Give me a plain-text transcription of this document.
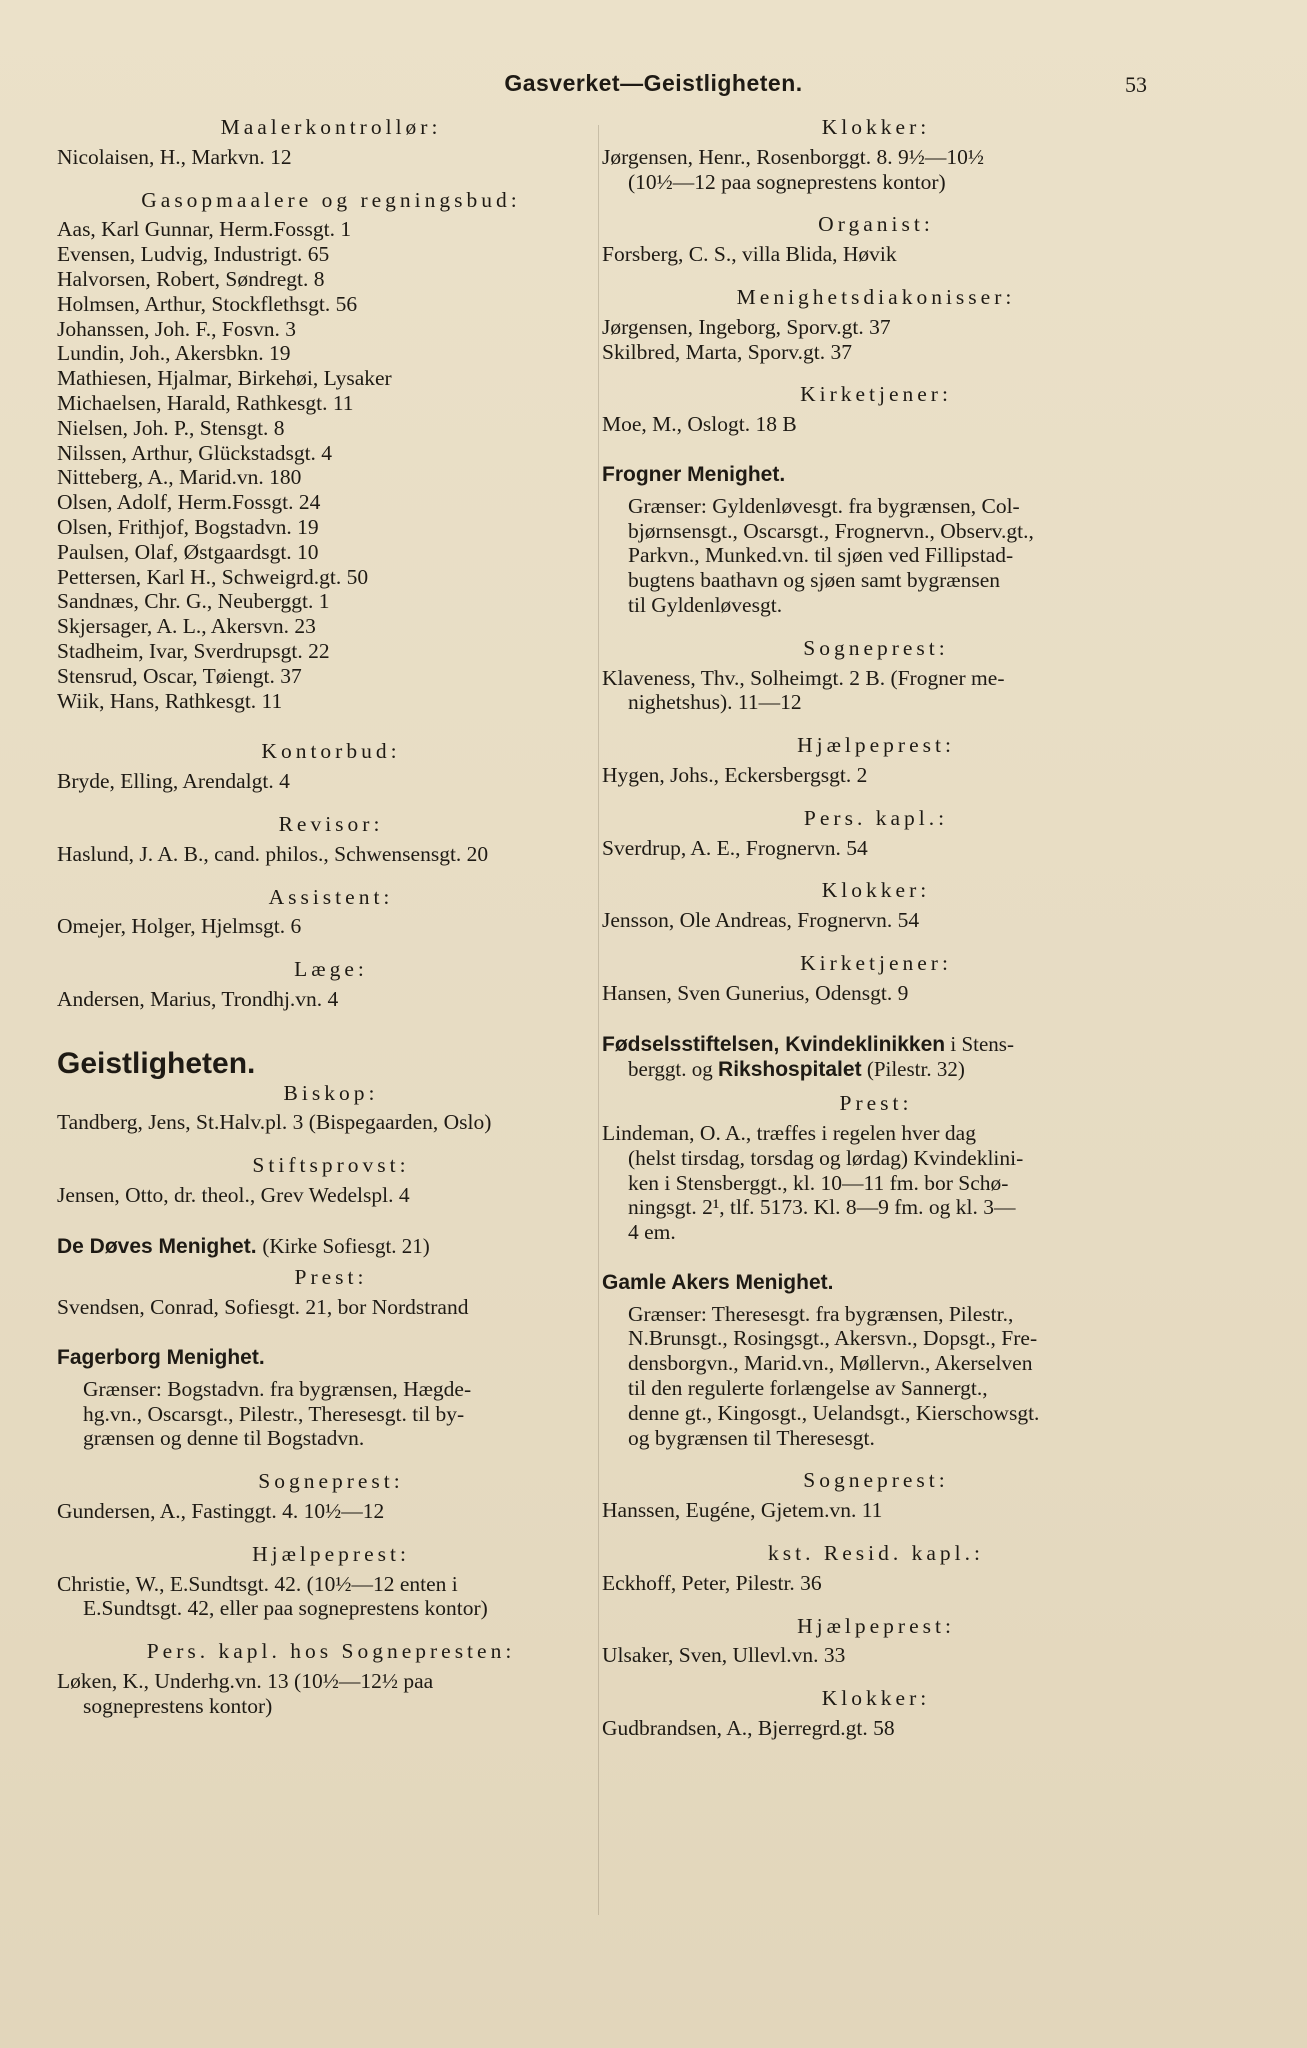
Gasverket—Geistligheten.	53
Maalerkontrollør:
Nicolaisen, H., Markvn. 12
Gasopmaalere og regningsbud:
Aas, Karl Gunnar, Herm.Fossgt. 1
Evensen, Ludvig, Industrigt. 65
Halvorsen, Robert, Søndregt. 8
Holmsen, Arthur, Stockflethsgt. 56
Johanssen, Joh. F., Fosvn. 3
Lundin, Joh., Akersbkn. 19
Mathiesen, Hjalmar, Birkehøi, Lysaker
Michaelsen, Harald, Rathkesgt. 11
Nielsen, Joh. P., Stensgt. 8
Nilssen, Arthur, Glückstadsgt. 4
Nitteberg, A., Marid.vn. 180
Olsen, Adolf, Herm.Fossgt. 24
Olsen, Frithjof, Bogstadvn. 19
Paulsen, Olaf, Østgaardsgt. 10
Pettersen, Karl H., Schweigrd.gt. 50
Sandnæs, Chr. G., Neuberggt. 1
Skjersager, A. L., Akersvn. 23
Stadheim, Ivar, Sverdrupsgt. 22
Stensrud, Oscar, Tøiengt. 37
Wiik, Hans, Rathkesgt. 11
Kontorbud:
Bryde, Elling, Arendalgt. 4
Revisor:
Haslund, J. A. B., cand. philos., Schwensensgt. 20
Assistent:
Omejer, Holger, Hjelmsgt. 6
Læge:
Andersen, Marius, Trondhj.vn. 4
Geistligheten.
Biskop:
Tandberg, Jens, St.Halv.pl. 3 (Bispegaarden, Oslo)
Stiftsprovst:
Jensen, Otto, dr. theol., Grev Wedelspl. 4
De Døves Menighet. (Kirke Sofiesgt. 21)
Prest:
Svendsen, Conrad, Sofiesgt. 21, bor Nordstrand
Fagerborg Menighet.
Grænser: Bogstadvn. fra bygrænsen, Hægde-
hg.vn., Oscarsgt., Pilestr., Theresesgt. til by-
grænsen og denne til Bogstadvn.
Sogneprest:
Gundersen, A., Fastinggt. 4. 10½—12
Hjælpeprest:
Christie, W., E.Sundtsgt. 42. (10½—12 enten i
E.Sundtsgt. 42, eller paa sogneprestens kontor)
Pers. kapl. hos Sognepresten:
Løken, K., Underhg.vn. 13 (10½—12½ paa
sogneprestens kontor)
Klokker:
Jørgensen, Henr., Rosenborggt. 8. 9½—10½
(10½—12 paa sogneprestens kontor)
Organist:
Forsberg, C. S., villa Blida, Høvik
Menighetsdiakonisser:
Jørgensen, Ingeborg, Sporv.gt. 37
Skilbred, Marta, Sporv.gt. 37
Kirketjener:
Moe, M., Oslogt. 18 B
Frogner Menighet.
Grænser: Gyldenløvesgt. fra bygrænsen, Col-
bjørnsensgt., Oscarsgt., Frognervn., Observ.gt.,
Parkvn., Munked.vn. til sjøen ved Fillipstad-
bugtens baathavn og sjøen samt bygrænsen
til Gyldenløvesgt.
Sogneprest:
Klaveness, Thv., Solheimgt. 2 B. (Frogner me-
nighetshus). 11—12
Hjælpeprest:
Hygen, Johs., Eckersbergsgt. 2
Pers. kapl.:
Sverdrup, A. E., Frognervn. 54
Klokker:
Jensson, Ole Andreas, Frognervn. 54
Kirketjener:
Hansen, Sven Gunerius, Odensgt. 9
Fødselsstiftelsen, Kvindeklinikken i Stens-
berggt. og Rikshospitalet (Pilestr. 32)
Prest:
Lindeman, O. A., træffes i regelen hver dag
(helst tirsdag, torsdag og lørdag) Kvindeklini-
ken i Stensberggt., kl. 10—11 fm. bor Schø-
ningsgt. 2¹, tlf. 5173. Kl. 8—9 fm. og kl. 3—
4 em.
Gamle Akers Menighet.
Grænser: Theresesgt. fra bygrænsen, Pilestr.,
N.Brunsgt., Rosingsgt., Akersvn., Dopsgt., Fre-
densborgvn., Marid.vn., Møllervn., Akerselven
til den regulerte forlængelse av Sannergt.,
denne gt., Kingosgt., Uelandsgt., Kierschowsgt.
og bygrænsen til Theresesgt.
Sogneprest:
Hanssen, Eugéne, Gjetem.vn. 11
kst. Resid. kapl.:
Eckhoff, Peter, Pilestr. 36
Hjælpeprest:
Ulsaker, Sven, Ullevl.vn. 33
Klokker:
Gudbrandsen, A., Bjerregrd.gt. 58
